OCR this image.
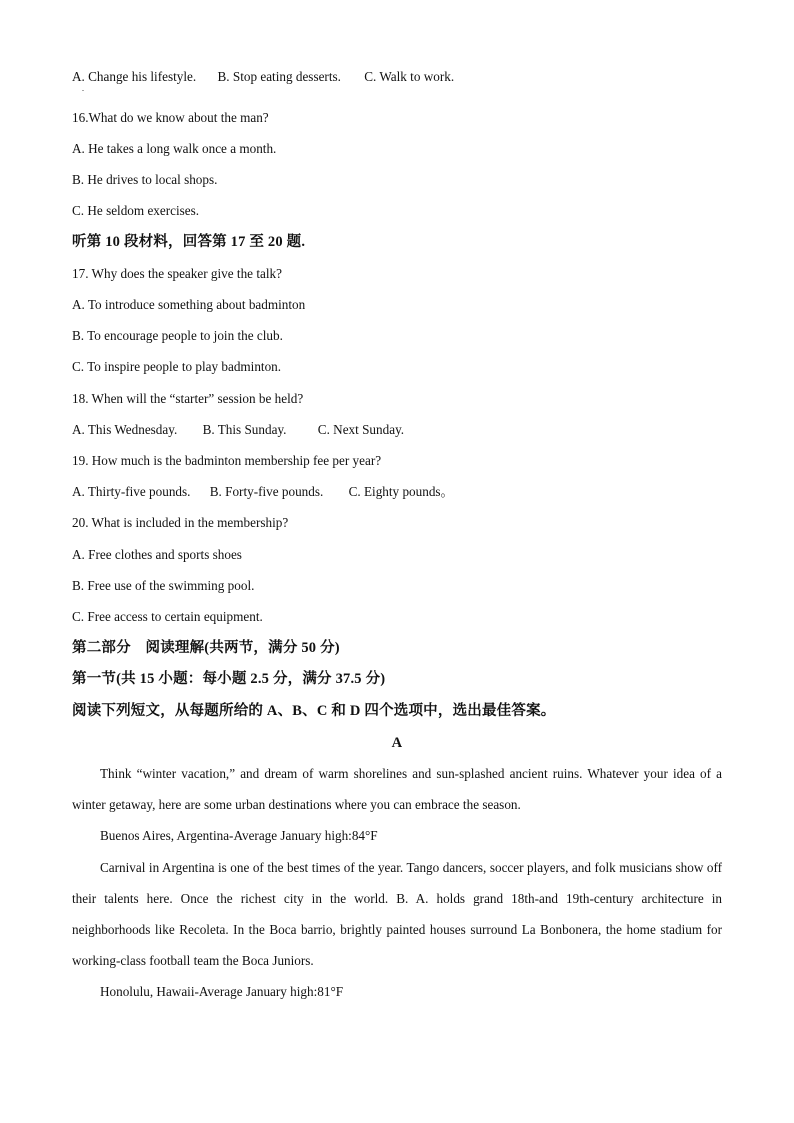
A. Change his lifestyle. B. Stop eating desserts. C. Walk to work.
.
16.What do we know about the man?
A. He takes a long walk once a month.
B. He drives to local shops.
C. He seldom exercises.
听第 10 段材料，回答第 17 至 20 题.
17. Why does the speaker give the talk?
A. To introduce something about badminton
B. To encourage people to join the club.
C. To inspire people to play badminton.
18. When will the “starter” session be held?
A. This Wednesday. B. This Sunday. C. Next Sunday.
19. How much is the badminton membership fee per year?
A. Thirty-five pounds. B. Forty-five pounds. C. Eighty pounds。
20. What is included in the membership?
A. Free clothes and sports shoes
B. Free use of the swimming pool.
C. Free access to certain equipment.
第二部分　阅读理解(共两节，满分 50 分)
第一节(共 15 小题：每小题 2.5 分，满分 37.5 分)
阅读下列短文，从每题所给的 A、B、C 和 D 四个选项中，选出最佳答案。
A
Think “winter vacation,” and dream of warm shorelines and sun-splashed ancient ruins. Whatever your idea of a winter getaway, here are some urban destinations where you can embrace the season.
Buenos Aires, Argentina-Average January high:84°F
Carnival in Argentina is one of the best times of the year. Tango dancers, soccer players, and folk musicians show off their talents here. Once the richest city in the world. B. A. holds grand 18th-and 19th-century architecture in neighborhoods like Recoleta. In the Boca barrio, brightly painted houses surround La Bonbonera, the home stadium for working-class football team the Boca Juniors.
Honolulu, Hawaii-Average January high:81°F
